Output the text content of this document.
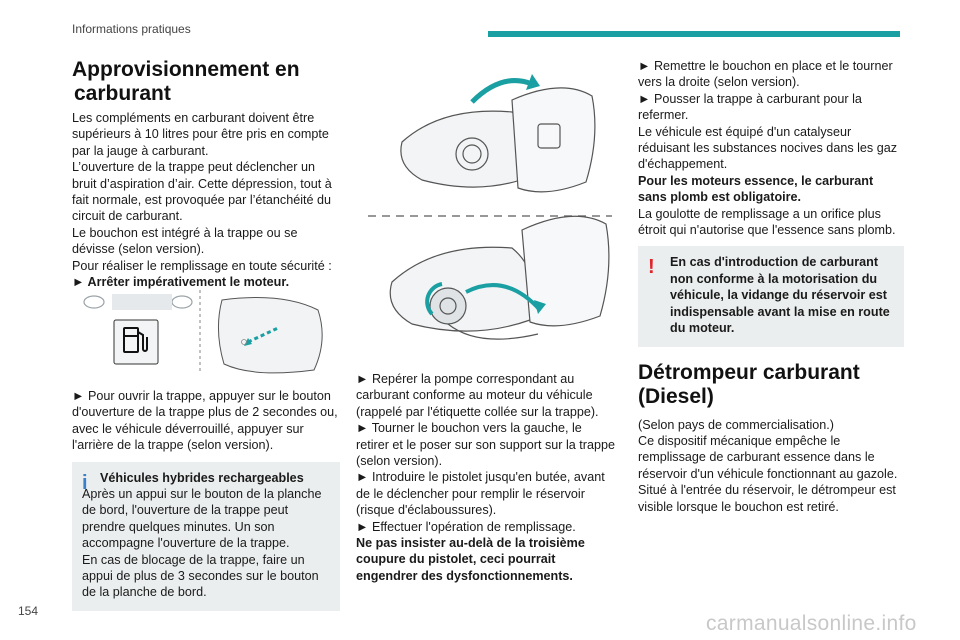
Informations pratiques
Approvisionnement en

carburant

Les compléments en carburant doivent être supérieurs à 10 litres pour être pris en compte par la jauge à carburant.

L’ouverture de la trappe peut déclencher un bruit d’aspiration d’air. Cette dépression, tout à fait normale, est provoquée par l’étanchéité du circuit de carburant.

Le bouchon est intégré à la trappe ou se dévisse (selon version).

Pour réaliser le remplissage en toute sécurité :

► Arrêter impérativement le moteur.

► Pour ouvrir la trappe, appuyer sur le bouton d'ouverture de la trappe plus de 2 secondes ou, avec le véhicule déverrouillé, appuyer sur l'arrière de la trappe (selon version).

i Véhicules hybrides rechargeables

Après un appui sur le bouton de la planche de bord, l'ouverture de la trappe peut prendre quelques minutes. Un son accompagne l'ouverture de la trappe.

En cas de blocage de la trappe, faire un appui de plus de 3 secondes sur le bouton de la planche de bord.

► Repérer la pompe correspondant au carburant conforme au moteur du véhicule (rappelé par l'étiquette collée sur la trappe).

► Tourner le bouchon vers la gauche, le retirer et le poser sur son support sur la trappe (selon version).

► Introduire le pistolet jusqu'en butée, avant de le déclencher pour remplir le réservoir (risque d'éclaboussures).

► Effectuer l'opération de remplissage.

Ne pas insister au-delà de la troisième coupure du pistolet, ceci pourrait engendrer des dysfonctionnements.

► Remettre le bouchon en place et le tourner vers la droite (selon version).

► Pousser la trappe à carburant pour la refermer.

Le véhicule est équipé d'un catalyseur réduisant les substances nocives dans les gaz d'échappement.

Pour les moteurs essence, le carburant sans plomb est obligatoire.

La goulotte de remplissage a un orifice plus étroit qui n'autorise que l'essence sans plomb.

!	En cas d'introduction de carburant non conforme à la motorisation du véhicule, la vidange du réservoir est indispensable avant la mise en route du moteur.

Détrompeur carburant
(Diesel)

(Selon pays de commercialisation.)

Ce dispositif mécanique empêche le remplissage de carburant essence dans le réservoir d'un véhicule fonctionnant au gazole.

Situé à l'entrée du réservoir, le détrompeur est visible lorsque le bouchon est retiré.

154
carmanualsonline.info
